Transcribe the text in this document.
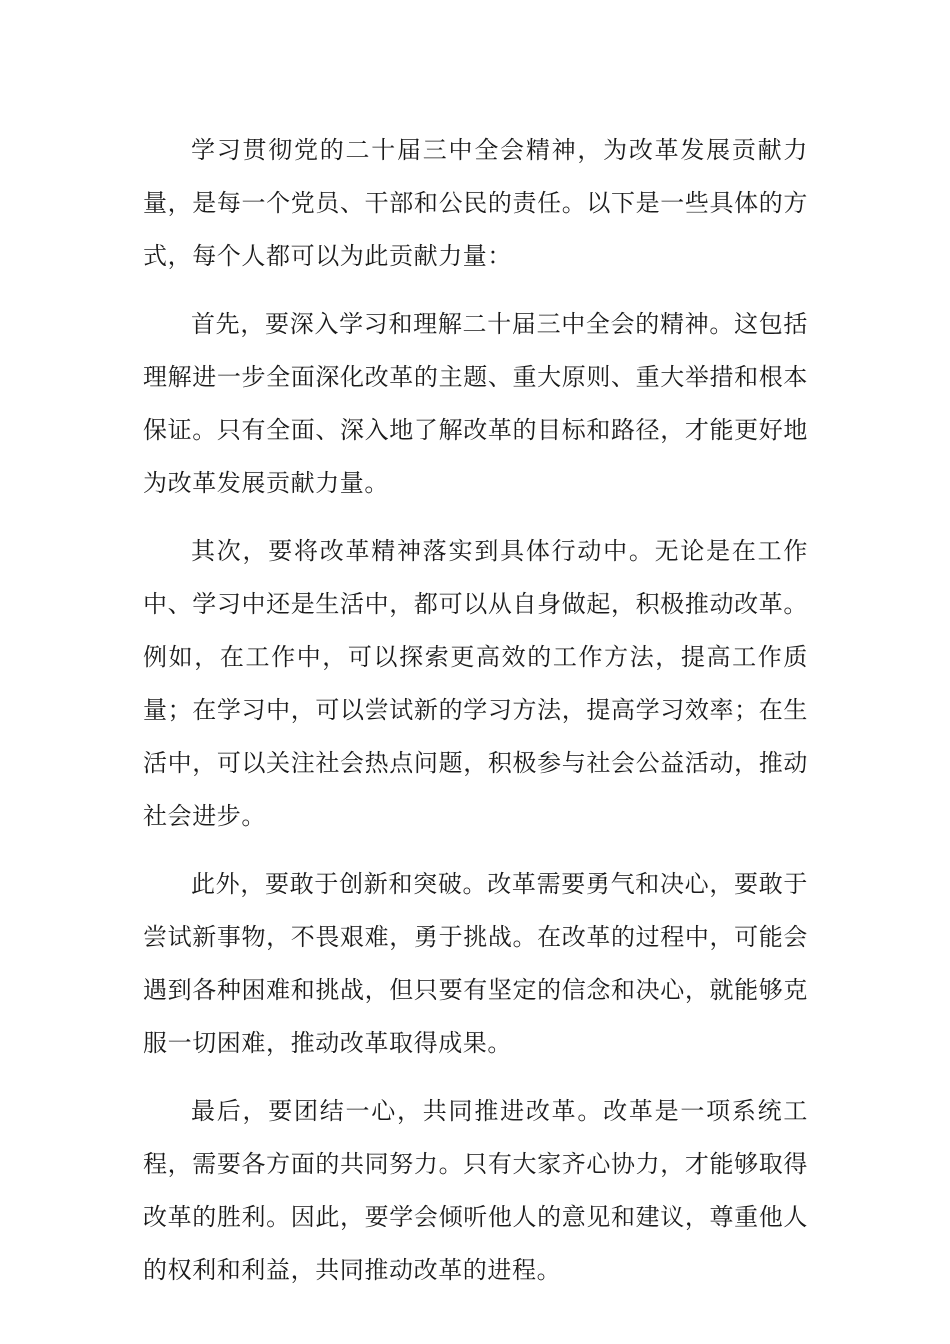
学习贯彻党的二十届三中全会精神，为改革发展贡献力量，是每一个党员、干部和公民的责任。以下是一些具体的方式，每个人都可以为此贡献力量：

首先，要深入学习和理解二十届三中全会的精神。这包括理解进一步全面深化改革的主题、重大原则、重大举措和根本保证。只有全面、深入地了解改革的目标和路径，才能更好地为改革发展贡献力量。

其次，要将改革精神落实到具体行动中。无论是在工作中、学习中还是生活中，都可以从自身做起，积极推动改革。例如，在工作中，可以探索更高效的工作方法，提高工作质量；在学习中，可以尝试新的学习方法，提高学习效率；在生活中，可以关注社会热点问题，积极参与社会公益活动，推动社会进步。

此外，要敢于创新和突破。改革需要勇气和决心，要敢于尝试新事物，不畏艰难，勇于挑战。在改革的过程中，可能会遇到各种困难和挑战，但只要有坚定的信念和决心，就能够克服一切困难，推动改革取得成果。

最后，要团结一心，共同推进改革。改革是一项系统工程，需要各方面的共同努力。只有大家齐心协力，才能够取得改革的胜利。因此，要学会倾听他人的意见和建议，尊重他人的权利和利益，共同推动改革的进程。
